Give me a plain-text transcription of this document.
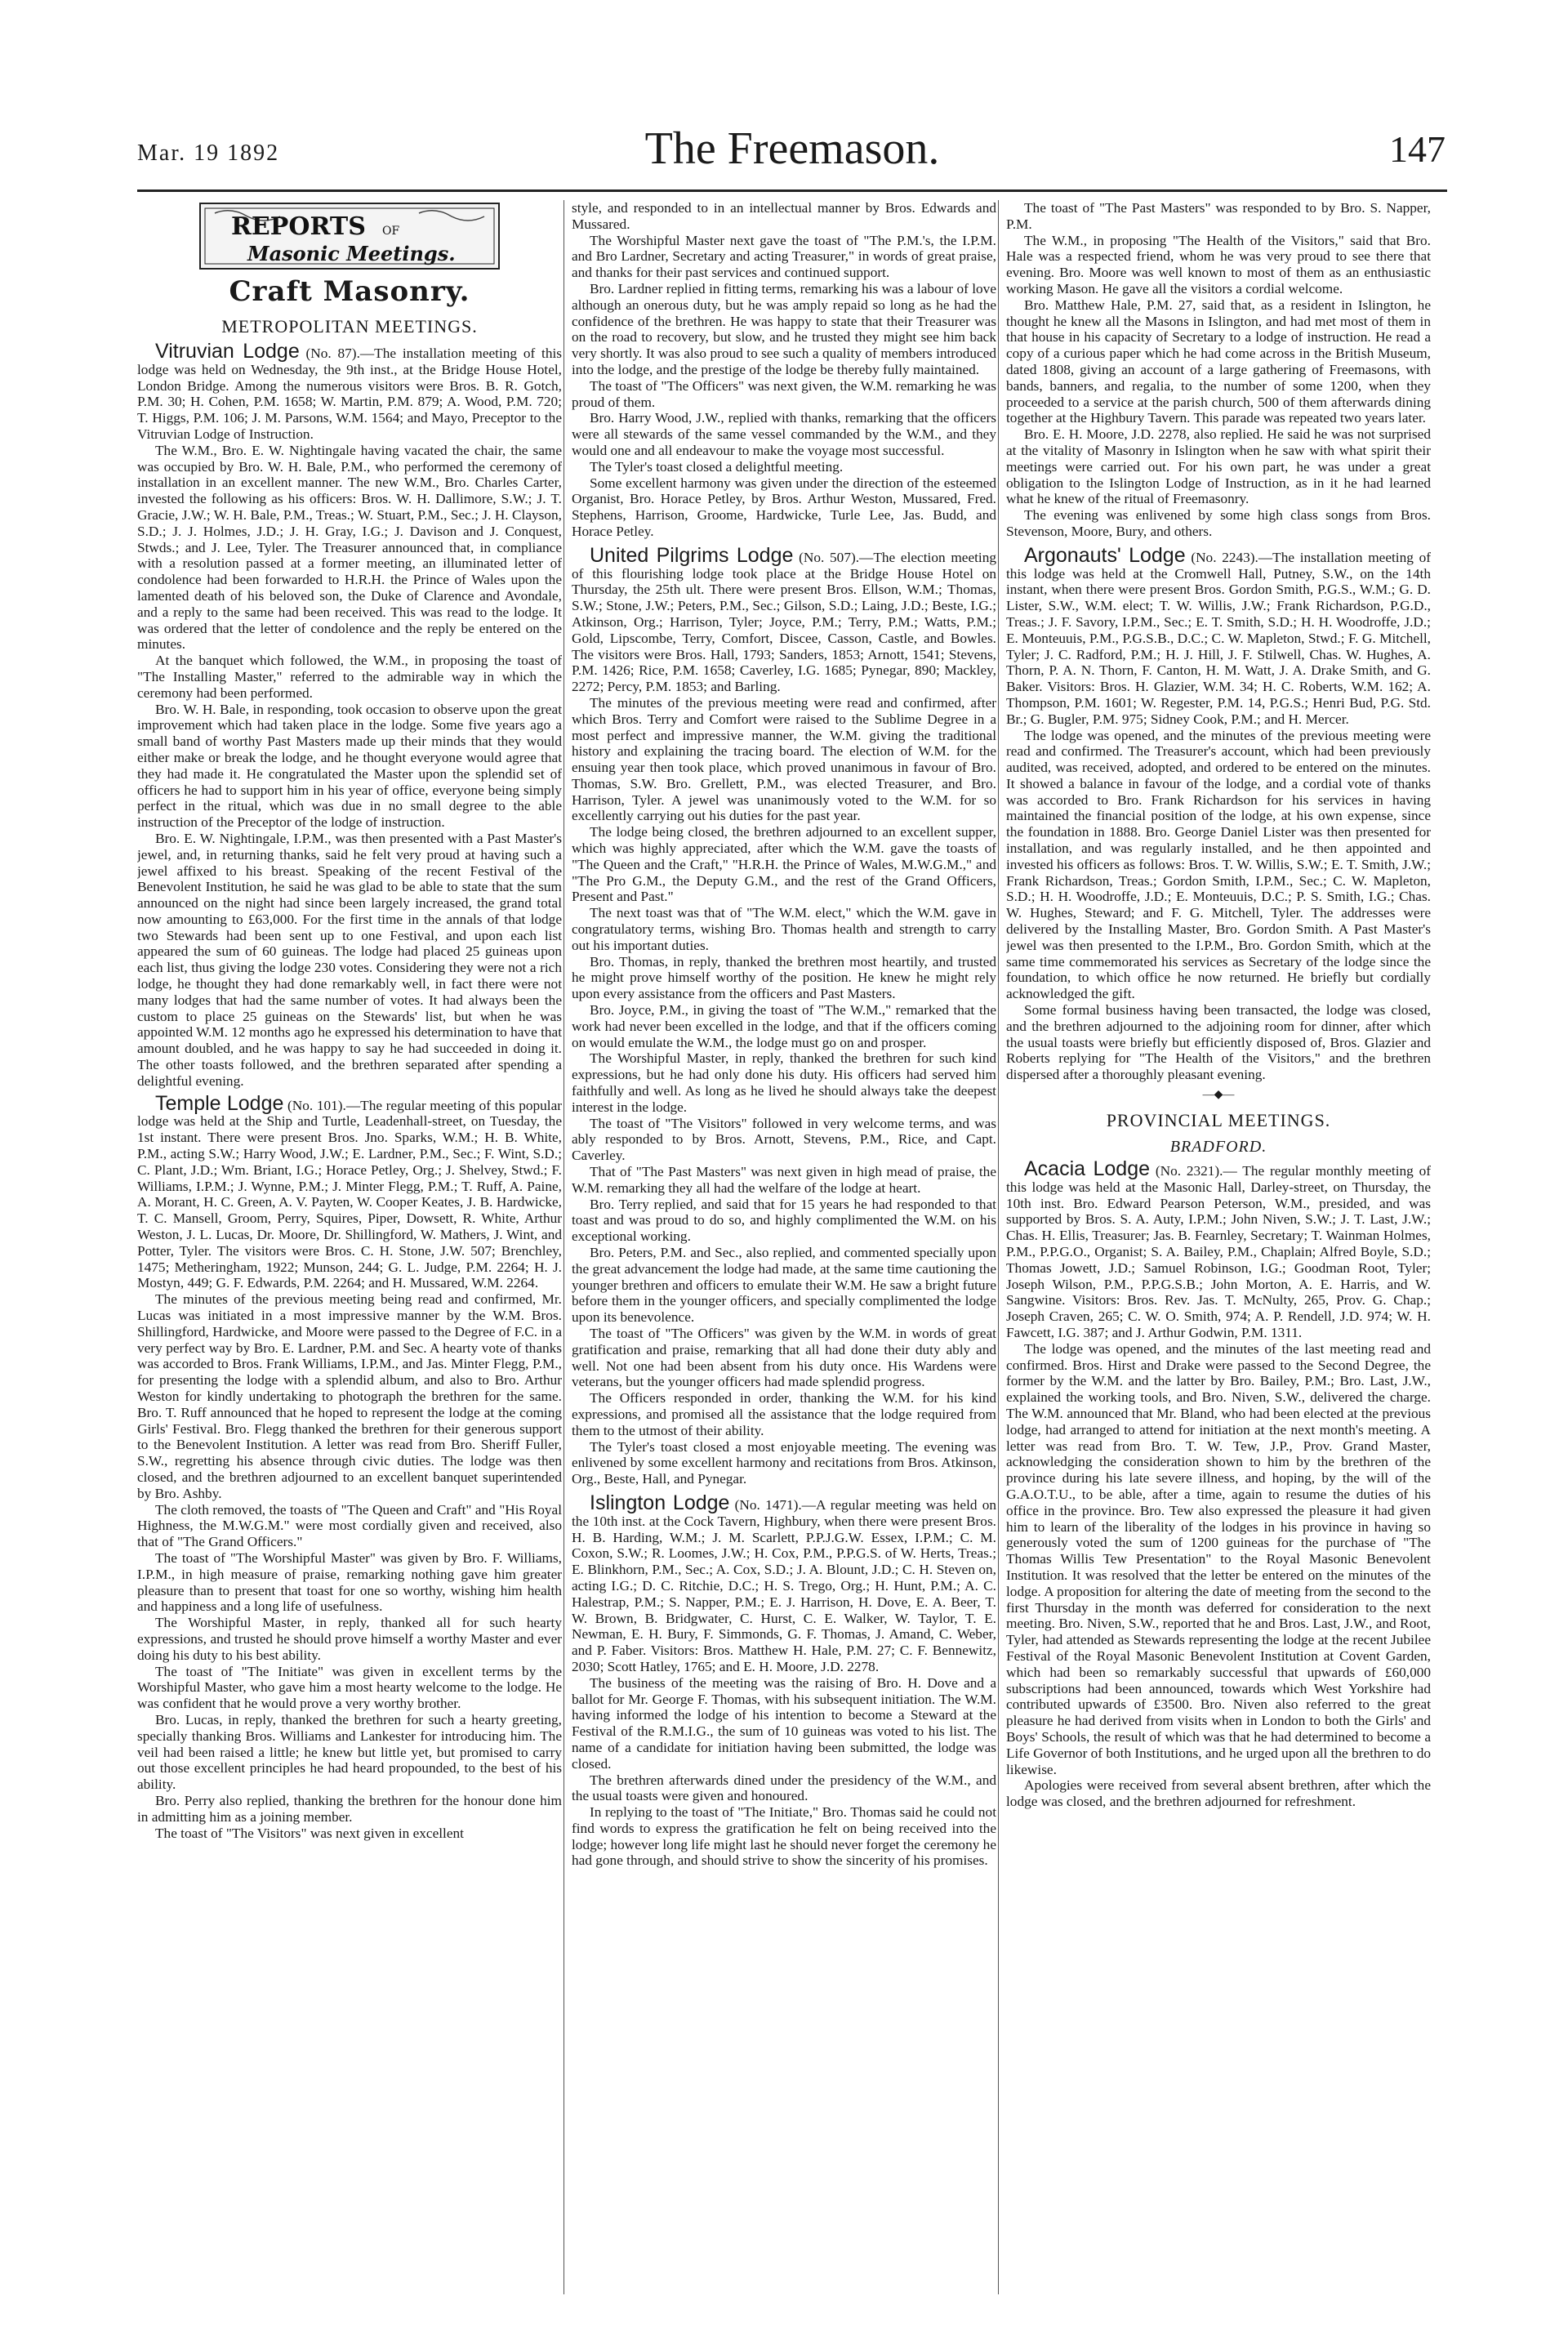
Mar. 19 1892	The Freemason.	147
REPORTS OF
Masonic Meetings.
Craft Masonry.
METROPOLITAN MEETINGS.

Vitruvian Lodge (No. 87).—The installation meeting of this lodge was held on Wednesday, the 9th inst., at the Bridge House Hotel, London Bridge. Among the numerous visitors were Bros. B. R. Gotch, P.M. 30; H. Cohen, P.M. 1658; W. Martin, P.M. 879; A. Wood, P.M. 720; T. Higgs, P.M. 106; J. M. Parsons, W.M. 1564; and Mayo, Preceptor to the Vitruvian Lodge of Instruction.

The W.M., Bro. E. W. Nightingale having vacated the chair, the same was occupied by Bro. W. H. Bale, P.M., who performed the ceremony of installation in an excellent manner. The new W.M., Bro. Charles Carter, invested the following as his officers: Bros. W. H. Dallimore, S.W.; J. T. Gracie, J.W.; W. H. Bale, P.M., Treas.; W. Stuart, P.M., Sec.; J. H. Clayson, S.D.; J. J. Holmes, J.D.; J. H. Gray, I.G.; J. Davison and J. Conquest, Stwds.; and J. Lee, Tyler. The Treasurer announced that, in compliance with a resolution passed at a former meeting, an illuminated letter of condolence had been forwarded to H.R.H. the Prince of Wales upon the lamented death of his beloved son, the Duke of Clarence and Avondale, and a reply to the same had been received. This was read to the lodge. It was ordered that the letter of condolence and the reply be entered on the minutes.

At the banquet which followed, the W.M., in proposing the toast of "The Installing Master," referred to the admirable way in which the ceremony had been performed.

Bro. W. H. Bale, in responding, took occasion to observe upon the great improvement which had taken place in the lodge. Some five years ago a small band of worthy Past Masters made up their minds that they would either make or break the lodge, and he thought everyone would agree that they had made it. He congratulated the Master upon the splendid set of officers he had to support him in his year of office, everyone being simply perfect in the ritual, which was due in no small degree to the able instruction of the Preceptor of the lodge of instruction.

Bro. E. W. Nightingale, I.P.M., was then presented with a Past Master's jewel, and, in returning thanks, said he felt very proud at having such a jewel affixed to his breast. Speaking of the recent Festival of the Benevolent Institution, he said he was glad to be able to state that the sum announced on the night had since been largely increased, the grand total now amounting to £63,000. For the first time in the annals of that lodge two Stewards had been sent up to one Festival, and upon each list appeared the sum of 60 guineas. The lodge had placed 25 guineas upon each list, thus giving the lodge 230 votes. Considering they were not a rich lodge, he thought they had done remarkably well, in fact there were not many lodges that had the same number of votes. It had always been the custom to place 25 guineas on the Stewards' list, but when he was appointed W.M. 12 months ago he expressed his determination to have that amount doubled, and he was happy to say he had succeeded in doing it. The other toasts followed, and the brethren separated after spending a delightful evening.

Temple Lodge (No. 101).—The regular meeting of this popular lodge was held at the Ship and Turtle, Leadenhall-street, on Tuesday, the 1st instant. There were present Bros. Jno. Sparks, W.M.; H. B. White, P.M., acting S.W.; Harry Wood, J.W.; E. Lardner, P.M., Sec.; F. Wint, S.D.; C. Plant, J.D.; Wm. Briant, I.G.; Horace Petley, Org.; J. Shelvey, Stwd.; F. Williams, I.P.M.; J. Wynne, P.M.; J. Minter Flegg, P.M.; T. Ruff, A. Paine, A. Morant, H. C. Green, A. V. Payten, W. Cooper Keates, J. B. Hardwicke, T. C. Mansell, Groom, Perry, Squires, Piper, Dowsett, R. White, Arthur Weston, J. L. Lucas, Dr. Moore, Dr. Shillingford, W. Mathers, J. Wint, and Potter, Tyler. The visitors were Bros. C. H. Stone, J.W. 507; Brenchley, 1475; Metheringham, 1922; Munson, 244; G. L. Judge, P.M. 2264; H. J. Mostyn, 449; G. F. Edwards, P.M. 2264; and H. Mussared, W.M. 2264.

The minutes of the previous meeting being read and confirmed, Mr. Lucas was initiated in a most impressive manner by the W.M. Bros. Shillingford, Hardwicke, and Moore were passed to the Degree of F.C. in a very perfect way by Bro. E. Lardner, P.M. and Sec. A hearty vote of thanks was accorded to Bros. Frank Williams, I.P.M., and Jas. Minter Flegg, P.M., for presenting the lodge with a splendid album, and also to Bro. Arthur Weston for kindly undertaking to photograph the brethren for the same. Bro. T. Ruff announced that he hoped to represent the lodge at the coming Girls' Festival. Bro. Flegg thanked the brethren for their generous support to the Benevolent Institution. A letter was read from Bro. Sheriff Fuller, S.W., regretting his absence through civic duties. The lodge was then closed, and the brethren adjourned to an excellent banquet superintended by Bro. Ashby.

The cloth removed, the toasts of "The Queen and Craft" and "His Royal Highness, the M.W.G.M." were most cordially given and received, also that of "The Grand Officers."

The toast of "The Worshipful Master" was given by Bro. F. Williams, I.P.M., in high measure of praise, remarking nothing gave him greater pleasure than to present that toast for one so worthy, wishing him health and happiness and a long life of usefulness.

The Worshipful Master, in reply, thanked all for such hearty expressions, and trusted he should prove himself a worthy Master and ever doing his duty to his best ability.

The toast of "The Initiate" was given in excellent terms by the Worshipful Master, who gave him a most hearty welcome to the lodge. He was confident that he would prove a very worthy brother.

Bro. Lucas, in reply, thanked the brethren for such a hearty greeting, specially thanking Bros. Williams and Lankester for introducing him. The veil had been raised a little; he knew but little yet, but promised to carry out those excellent principles he had heard propounded, to the best of his ability.

Bro. Perry also replied, thanking the brethren for the honour done him in admitting him as a joining member.

The toast of "The Visitors" was next given in excellent

style, and responded to in an intellectual manner by Bros. Edwards and Mussared.

The Worshipful Master next gave the toast of "The P.M.'s, the I.P.M. and Bro Lardner, Secretary and acting Treasurer," in words of great praise, and thanks for their past services and continued support.

Bro. Lardner replied in fitting terms, remarking his was a labour of love although an onerous duty, but he was amply repaid so long as he had the confidence of the brethren. He was happy to state that their Treasurer was on the road to recovery, but slow, and he trusted they might see him back very shortly. It was also proud to see such a quality of members introduced into the lodge, and the prestige of the lodge be thereby fully maintained.

The toast of "The Officers" was next given, the W.M. remarking he was proud of them.

Bro. Harry Wood, J.W., replied with thanks, remarking that the officers were all stewards of the same vessel commanded by the W.M., and they would one and all endeavour to make the voyage most successful.

The Tyler's toast closed a delightful meeting.

Some excellent harmony was given under the direction of the esteemed Organist, Bro. Horace Petley, by Bros. Arthur Weston, Mussared, Fred. Stephens, Harrison, Groome, Hardwicke, Turle Lee, Jas. Budd, and Horace Petley.

United Pilgrims Lodge (No. 507).—The election meeting of this flourishing lodge took place at the Bridge House Hotel on Thursday, the 25th ult. There were present Bros. Ellson, W.M.; Thomas, S.W.; Stone, J.W.; Peters, P.M., Sec.; Gilson, S.D.; Laing, J.D.; Beste, I.G.; Atkinson, Org.; Harrison, Tyler; Joyce, P.M.; Terry, P.M.; Watts, P.M.; Gold, Lipscombe, Terry, Comfort, Discee, Casson, Castle, and Bowles. The visitors were Bros. Hall, 1793; Sanders, 1853; Arnott, 1541; Stevens, P.M. 1426; Rice, P.M. 1658; Caverley, I.G. 1685; Pynegar, 890; Mackley, 2272; Percy, P.M. 1853; and Barling.

The minutes of the previous meeting were read and confirmed, after which Bros. Terry and Comfort were raised to the Sublime Degree in a most perfect and impressive manner, the W.M. giving the traditional history and explaining the tracing board. The election of W.M. for the ensuing year then took place, which proved unanimous in favour of Bro. Thomas, S.W. Bro. Grellett, P.M., was elected Treasurer, and Bro. Harrison, Tyler. A jewel was unanimously voted to the W.M. for so excellently carrying out his duties for the past year.

The lodge being closed, the brethren adjourned to an excellent supper, which was highly appreciated, after which the W.M. gave the toasts of "The Queen and the Craft," "H.R.H. the Prince of Wales, M.W.G.M.," and "The Pro G.M., the Deputy G.M., and the rest of the Grand Officers, Present and Past."

The next toast was that of "The W.M. elect," which the W.M. gave in congratulatory terms, wishing Bro. Thomas health and strength to carry out his important duties.

Bro. Thomas, in reply, thanked the brethren most heartily, and trusted he might prove himself worthy of the position. He knew he might rely upon every assistance from the officers and Past Masters.

Bro. Joyce, P.M., in giving the toast of "The W.M.," remarked that the work had never been excelled in the lodge, and that if the officers coming on would emulate the W.M., the lodge must go on and prosper.

The Worshipful Master, in reply, thanked the brethren for such kind expressions, but he had only done his duty. His officers had served him faithfully and well. As long as he lived he should always take the deepest interest in the lodge.

The toast of "The Visitors" followed in very welcome terms, and was ably responded to by Bros. Arnott, Stevens, P.M., Rice, and Capt. Caverley.

That of "The Past Masters" was next given in high mead of praise, the W.M. remarking they all had the welfare of the lodge at heart.

Bro. Terry replied, and said that for 15 years he had responded to that toast and was proud to do so, and highly complimented the W.M. on his exceptional working.

Bro. Peters, P.M. and Sec., also replied, and commented specially upon the great advancement the lodge had made, at the same time cautioning the younger brethren and officers to emulate their W.M. He saw a bright future before them in the younger officers, and specially complimented the lodge upon its benevolence.

The toast of "The Officers" was given by the W.M. in words of great gratification and praise, remarking that all had done their duty ably and well. Not one had been absent from his duty once. His Wardens were veterans, but the younger officers had made splendid progress.

The Officers responded in order, thanking the W.M. for his kind expressions, and promised all the assistance that the lodge required from them to the utmost of their ability.

The Tyler's toast closed a most enjoyable meeting. The evening was enlivened by some excellent harmony and recitations from Bros. Atkinson, Org., Beste, Hall, and Pynegar.

Islington Lodge (No. 1471).—A regular meeting was held on the 10th inst. at the Cock Tavern, Highbury, when there were present Bros. H. B. Harding, W.M.; J. M. Scarlett, P.P.J.G.W. Essex, I.P.M.; C. M. Coxon, S.W.; R. Loomes, J.W.; H. Cox, P.M., P.P.G.S. of W. Herts, Treas.; E. Blinkhorn, P.M., Sec.; A. Cox, S.D.; J. A. Blount, J.D.; C. H. Steven on, acting I.G.; D. C. Ritchie, D.C.; H. S. Trego, Org.; H. Hunt, P.M.; A. C. Halestrap, P.M.; S. Napper, P.M.; E. J. Harrison, H. Dove, E. A. Beer, T. W. Brown, B. Bridgwater, C. Hurst, C. E. Walker, W. Taylor, T. E. Newman, E. H. Bury, F. Simmonds, G. F. Thomas, J. Amand, C. Weber, and P. Faber. Visitors: Bros. Matthew H. Hale, P.M. 27; C. F. Bennewitz, 2030; Scott Hatley, 1765; and E. H. Moore, J.D. 2278.

The business of the meeting was the raising of Bro. H. Dove and a ballot for Mr. George F. Thomas, with his subsequent initiation. The W.M. having informed the lodge of his intention to become a Steward at the Festival of the R.M.I.G., the sum of 10 guineas was voted to his list. The name of a candidate for initiation having been submitted, the lodge was closed.

The brethren afterwards dined under the presidency of the W.M., and the usual toasts were given and honoured.

In replying to the toast of "The Initiate," Bro. Thomas said he could not find words to express the gratification he felt on being received into the lodge; however long life might last he should never forget the ceremony he had gone through, and should strive to show the sincerity of his promises.

The toast of "The Past Masters" was responded to by Bro. S. Napper, P.M.

The W.M., in proposing "The Health of the Visitors," said that Bro. Hale was a respected friend, whom he was very proud to see there that evening. Bro. Moore was well known to most of them as an enthusiastic working Mason. He gave all the visitors a cordial welcome.

Bro. Matthew Hale, P.M. 27, said that, as a resident in Islington, he thought he knew all the Masons in Islington, and had met most of them in that house in his capacity of Secretary to a lodge of instruction. He read a copy of a curious paper which he had come across in the British Museum, dated 1808, giving an account of a large gathering of Freemasons, with bands, banners, and regalia, to the number of some 1200, when they proceeded to a service at the parish church, 500 of them afterwards dining together at the Highbury Tavern. This parade was repeated two years later.

Bro. E. H. Moore, J.D. 2278, also replied. He said he was not surprised at the vitality of Masonry in Islington when he saw with what spirit their meetings were carried out. For his own part, he was under a great obligation to the Islington Lodge of Instruction, as in it he had learned what he knew of the ritual of Freemasonry.

The evening was enlivened by some high class songs from Bros. Stevenson, Moore, Bury, and others.

Argonauts' Lodge (No. 2243).—The installation meeting of this lodge was held at the Cromwell Hall, Putney, S.W., on the 14th instant, when there were present Bros. Gordon Smith, P.G.S., W.M.; G. D. Lister, S.W., W.M. elect; T. W. Willis, J.W.; Frank Richardson, P.G.D., Treas.; J. F. Savory, I.P.M., Sec.; E. T. Smith, S.D.; H. H. Woodroffe, J.D.; E. Monteuuis, P.M., P.G.S.B., D.C.; C. W. Mapleton, Stwd.; F. G. Mitchell, Tyler; J. C. Radford, P.M.; H. J. Hill, J. F. Stilwell, Chas. W. Hughes, A. Thorn, P. A. N. Thorn, F. Canton, H. M. Watt, J. A. Drake Smith, and G. Baker. Visitors: Bros. H. Glazier, W.M. 34; H. C. Roberts, W.M. 162; A. Thompson, P.M. 1601; W. Regester, P.M. 14, P.G.S.; Henri Bud, P.G. Std. Br.; G. Bugler, P.M. 975; Sidney Cook, P.M.; and H. Mercer.

The lodge was opened, and the minutes of the previous meeting were read and confirmed. The Treasurer's account, which had been previously audited, was received, adopted, and ordered to be entered on the minutes. It showed a balance in favour of the lodge, and a cordial vote of thanks was accorded to Bro. Frank Richardson for his services in having maintained the financial position of the lodge, at his own expense, since the foundation in 1888. Bro. George Daniel Lister was then presented for installation, and was regularly installed, and he then appointed and invested his officers as follows: Bros. T. W. Willis, S.W.; E. T. Smith, J.W.; Frank Richardson, Treas.; Gordon Smith, I.P.M., Sec.; C. W. Mapleton, S.D.; H. H. Woodroffe, J.D.; E. Monteuuis, D.C.; P. S. Smith, I.G.; Chas. W. Hughes, Steward; and F. G. Mitchell, Tyler. The addresses were delivered by the Installing Master, Bro. Gordon Smith. A Past Master's jewel was then presented to the I.P.M., Bro. Gordon Smith, which at the same time commemorated his services as Secretary of the lodge since the foundation, to which office he now returned. He briefly but cordially acknowledged the gift.

Some formal business having been transacted, the lodge was closed, and the brethren adjourned to the adjoining room for dinner, after which the usual toasts were briefly but efficiently disposed of, Bros. Glazier and Roberts replying for "The Health of the Visitors," and the brethren dispersed after a thoroughly pleasant evening.

—◆—
PROVINCIAL MEETINGS.
BRADFORD.

Acacia Lodge (No. 2321).— The regular monthly meeting of this lodge was held at the Masonic Hall, Darley-street, on Thursday, the 10th inst. Bro. Edward Pearson Peterson, W.M., presided, and was supported by Bros. S. A. Auty, I.P.M.; John Niven, S.W.; J. T. Last, J.W.; Chas. H. Ellis, Treasurer; Jas. B. Fearnley, Secretary; T. Wainman Holmes, P.M., P.P.G.O., Organist; S. A. Bailey, P.M., Chaplain; Alfred Boyle, S.D.; Thomas Jowett, J.D.; Samuel Robinson, I.G.; Goodman Root, Tyler; Joseph Wilson, P.M., P.P.G.S.B.; John Morton, A. E. Harris, and W. Sangwine. Visitors: Bros. Rev. Jas. T. McNulty, 265, Prov. G. Chap.; Joseph Craven, 265; C. W. O. Smith, 974; A. P. Rendell, J.D. 974; W. H. Fawcett, I.G. 387; and J. Arthur Godwin, P.M. 1311.

The lodge was opened, and the minutes of the last meeting read and confirmed. Bros. Hirst and Drake were passed to the Second Degree, the former by the W.M. and the latter by Bro. Bailey, P.M.; Bro. Last, J.W., explained the working tools, and Bro. Niven, S.W., delivered the charge. The W.M. announced that Mr. Bland, who had been elected at the previous lodge, had arranged to attend for initiation at the next month's meeting. A letter was read from Bro. T. W. Tew, J.P., Prov. Grand Master, acknowledging the consideration shown to him by the brethren of the province during his late severe illness, and hoping, by the will of the G.A.O.T.U., to be able, after a time, again to resume the duties of his office in the province. Bro. Tew also expressed the pleasure it had given him to learn of the liberality of the lodges in his province in having so generously voted the sum of 1200 guineas for the purchase of "The Thomas Willis Tew Presentation" to the Royal Masonic Benevolent Institution. It was resolved that the letter be entered on the minutes of the lodge. A proposition for altering the date of meeting from the second to the first Thursday in the month was deferred for consideration to the next meeting. Bro. Niven, S.W., reported that he and Bros. Last, J.W., and Root, Tyler, had attended as Stewards representing the lodge at the recent Jubilee Festival of the Royal Masonic Benevolent Institution at Covent Garden, which had been so remarkably successful that upwards of £60,000 subscriptions had been announced, towards which West Yorkshire had contributed upwards of £3500. Bro. Niven also referred to the great pleasure he had derived from visits when in London to both the Girls' and Boys' Schools, the result of which was that he had determined to become a Life Governor of both Institutions, and he urged upon all the brethren to do likewise.

Apologies were received from several absent brethren, after which the lodge was closed, and the brethren adjourned for refreshment.
